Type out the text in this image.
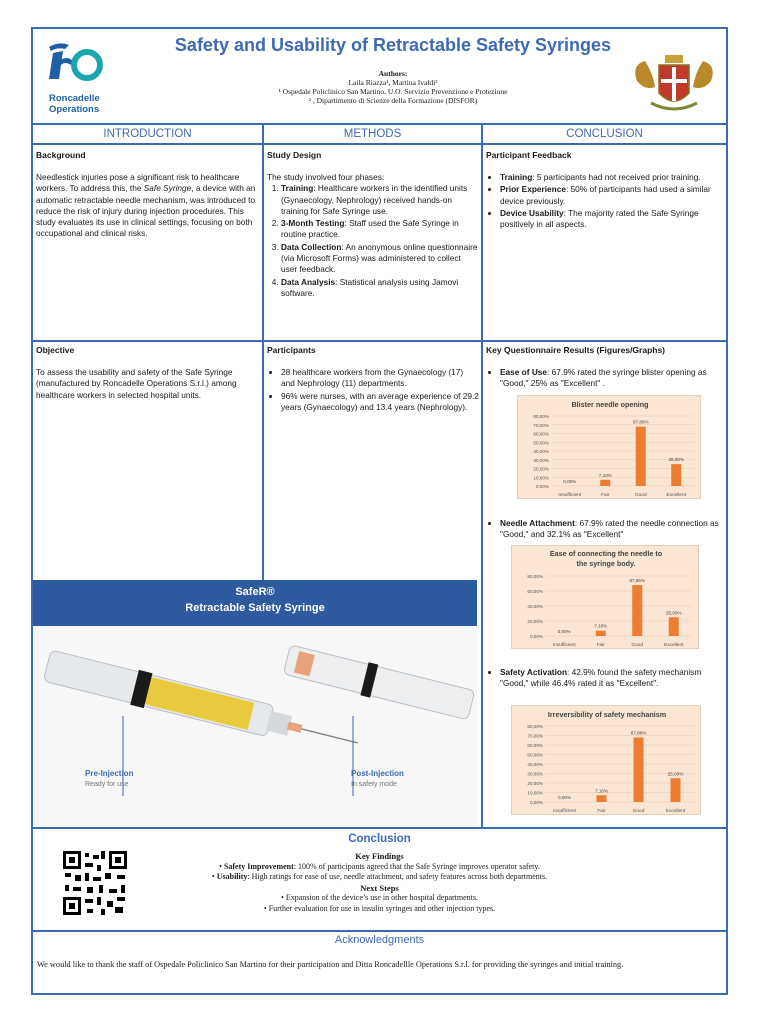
Roncadelle
Operations
Safety and Usability of Retractable Safety Syringes
Authors:
Laila Riazza¹, Martina Ivaldi²
¹ Ospedale Policlinico San Martino, U.O. Servizio Prevenzione e Protezione
² , Dipartimento di Scienze della Formazione (DISFOR)
INTRODUCTION	METHODS	CONCLUSION
Background
Needlestick injuries pose a significant risk to healthcare workers. To address this, the Safe Syringe, a device with an automatic retractable needle mechanism, was introduced to reduce the risk of injury during injection procedures. This study evaluates its use in clinical settings, focusing on both occupational and clinical risks.
Objective
To assess the usability and safety of the Safe Syringe (manufactured by Roncadelle Operations S.r.l.) among healthcare workers in selected hospital units.
Study Design
The study involved four phases:
1. Training: Healthcare workers in the identified units (Gynaecology, Nephrology) received hands-on training for Safe Syringe use.
2. 3-Month Testing: Staff used the Safe Syringe in routine practice.
3. Data Collection: An anonymous online questionnaire (via Microsoft Forms) was administered to collect user feedback.
4. Data Analysis: Statistical analysis using Jamovi software.
Participants
• 28 healthcare workers from the Gynaecology (17) and Nephrology (11) departments.
• 96% were nurses, with an average experience of 29.2 years (Gynaecology) and 13.4 years (Nephrology).
Participant Feedback
• Training: 5 participants had not received prior training.
• Prior Experience: 50% of participants had used a similar device previously.
• Device Usability: The majority rated the Safe Syringe positively in all aspects.
Key Questionnaire Results (Figures/Graphs)
• Ease of Use: 67.9% rated the syringe blister opening as "Good," 25% as "Excellent" .
Blister needle opening
0,00%
10,00%
20,00%
30,00%
40,00%
50,00%
60,00%
70,00%
80,00%
0,00%
Insufficient
7,10%
Fair
67,86%
Good
25,00%
Excellent
• Needle Attachment: 67.9% rated the needle connection as "Good," and 32.1% as "Excellent"
Ease of connecting the needle to
the syringe body.
0,00%
20,00%
40,00%
60,00%
80,00%
0,00%
Insufficient
7,10%
Fair
67,86%
Good
25,00%
Excellent
• Safety Activation: 42.9% found the safety mechanism "Good," while 46.4% rated it as "Excellent".
Irreversibility of safety mechanism
0,00%
10,00%
20,00%
30,00%
40,00%
50,00%
60,00%
70,00%
80,00%
0,00%
Insufficient
7,10%
Fair
67,86%
Good
25,00%
Excellent
SafeR®
Retractable Safety Syringe
Pre-Injection
Ready for use
Post-Injection
In safety mode
Conclusion
Key Findings
• Safety Improvement: 100% of participants agreed that the Safe Syringe improves operator safety.
• Usability: High ratings for ease of use, needle attachment, and safety features across both departments.
Next Steps
• Expansion of the device’s use in other hospital departments.
• Further evaluation for use in insulin syringes and other injection types.
Acknowledgments
We would like to thank the staff of Ospedale Policlinico San Martino for their participation and Ditta Roncadellle Operations S.r.l. for providing the syringes and initial training.
